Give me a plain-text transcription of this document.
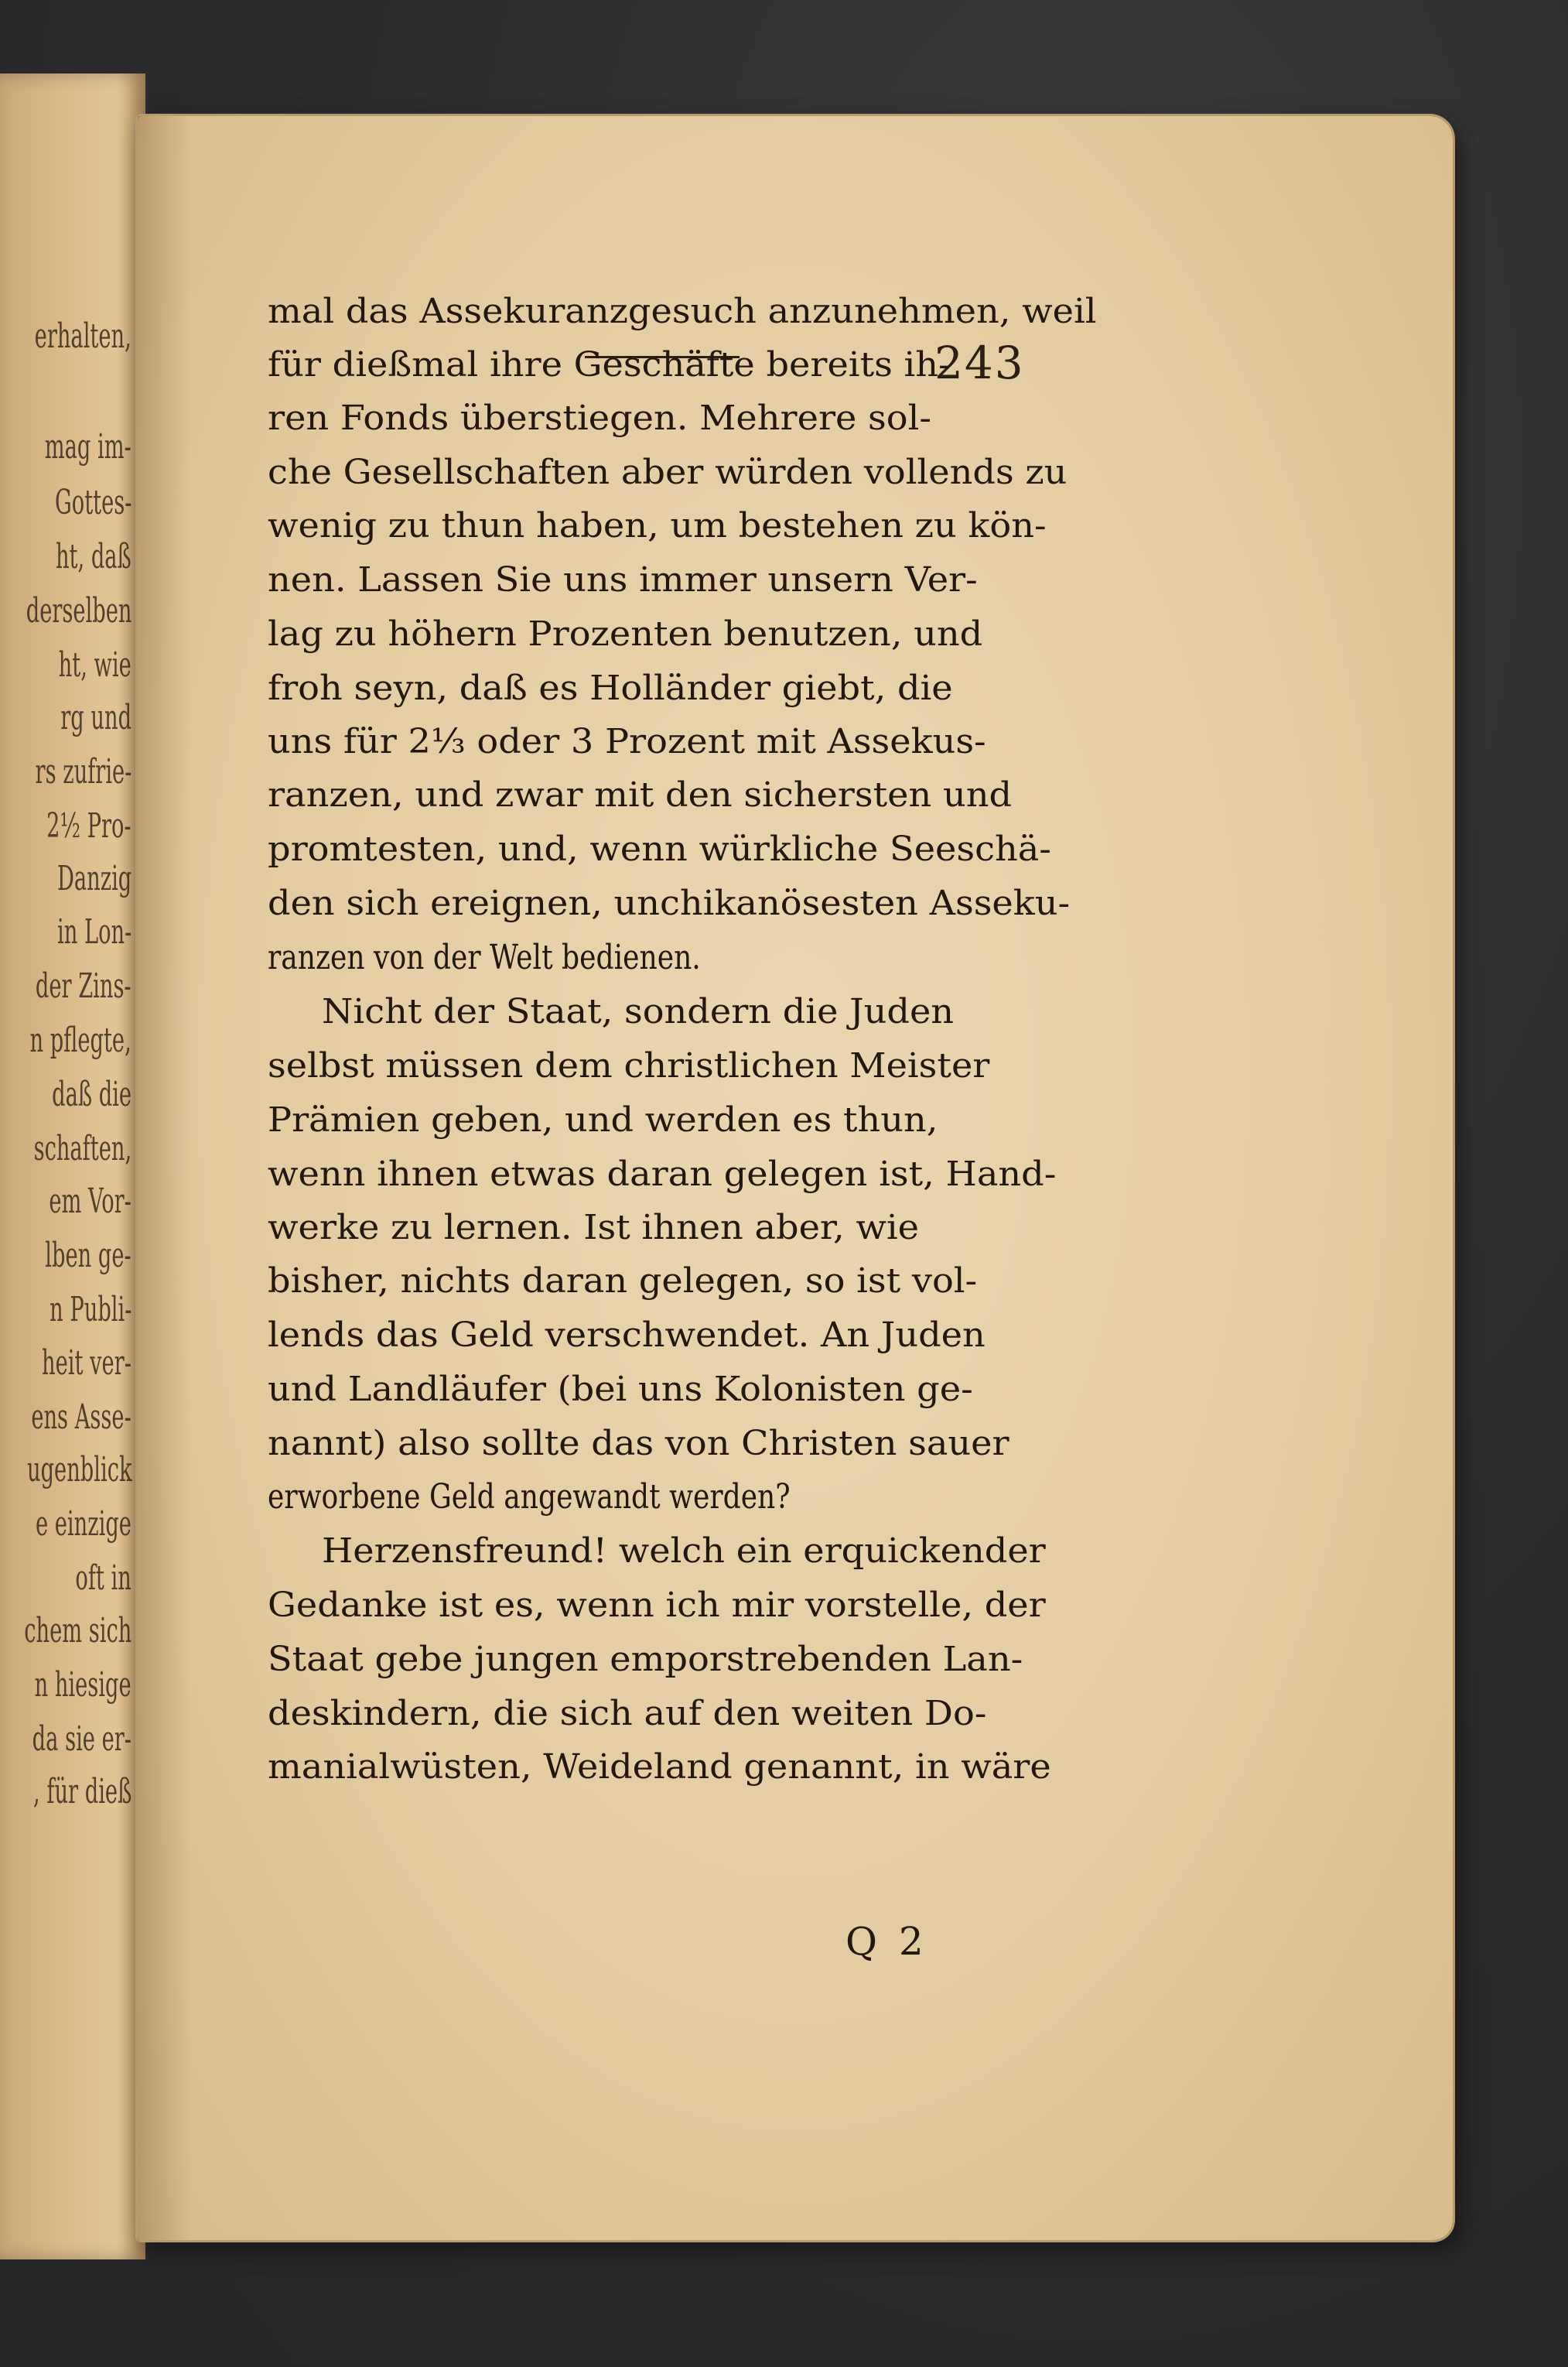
erhalten,
mag im-
Gottes-
ht, daß
derselben
ht, wie
rg und
rs zufrie-
2½ Pro-
Danzig
in Lon-
der Zins-
n pflegte,
daß die
schaften,
em Vor-
lben ge-
n Publi-
heit ver-
ens Asse-
ugenblick
e einzige
oft in
chem sich
n hiesige
da sie er-
, für dieß
243
mal das Assekuranzgesuch anzunehmen, weil
für dießmal ihre Geschäfte bereits ih-
ren Fonds überstiegen. Mehrere sol-
che Gesellschaften aber würden vollends zu
wenig zu thun haben, um bestehen zu kön-
nen. Lassen Sie uns immer unsern Ver-
lag zu höhern Prozenten benutzen, und
froh seyn, daß es Holländer giebt, die
uns für 2⅓ oder 3 Prozent mit Assekus-
ranzen, und zwar mit den sichersten und
promtesten, und, wenn würkliche Seeschä-
den sich ereignen, unchikanösesten Asseku-
ranzen von der Welt bedienen.
Nicht der Staat, sondern die Juden
selbst müssen dem christlichen Meister
Prämien geben, und werden es thun,
wenn ihnen etwas daran gelegen ist, Hand-
werke zu lernen. Ist ihnen aber, wie
bisher, nichts daran gelegen, so ist vol-
lends das Geld verschwendet. An Juden
und Landläufer (bei uns Kolonisten ge-
nannt) also sollte das von Christen sauer
erworbene Geld angewandt werden?
Herzensfreund! welch ein erquickender
Gedanke ist es, wenn ich mir vorstelle, der
Staat gebe jungen emporstrebenden Lan-
deskindern, die sich auf den weiten Do-
manialwüsten, Weideland genannt, in wäre
Q 2
